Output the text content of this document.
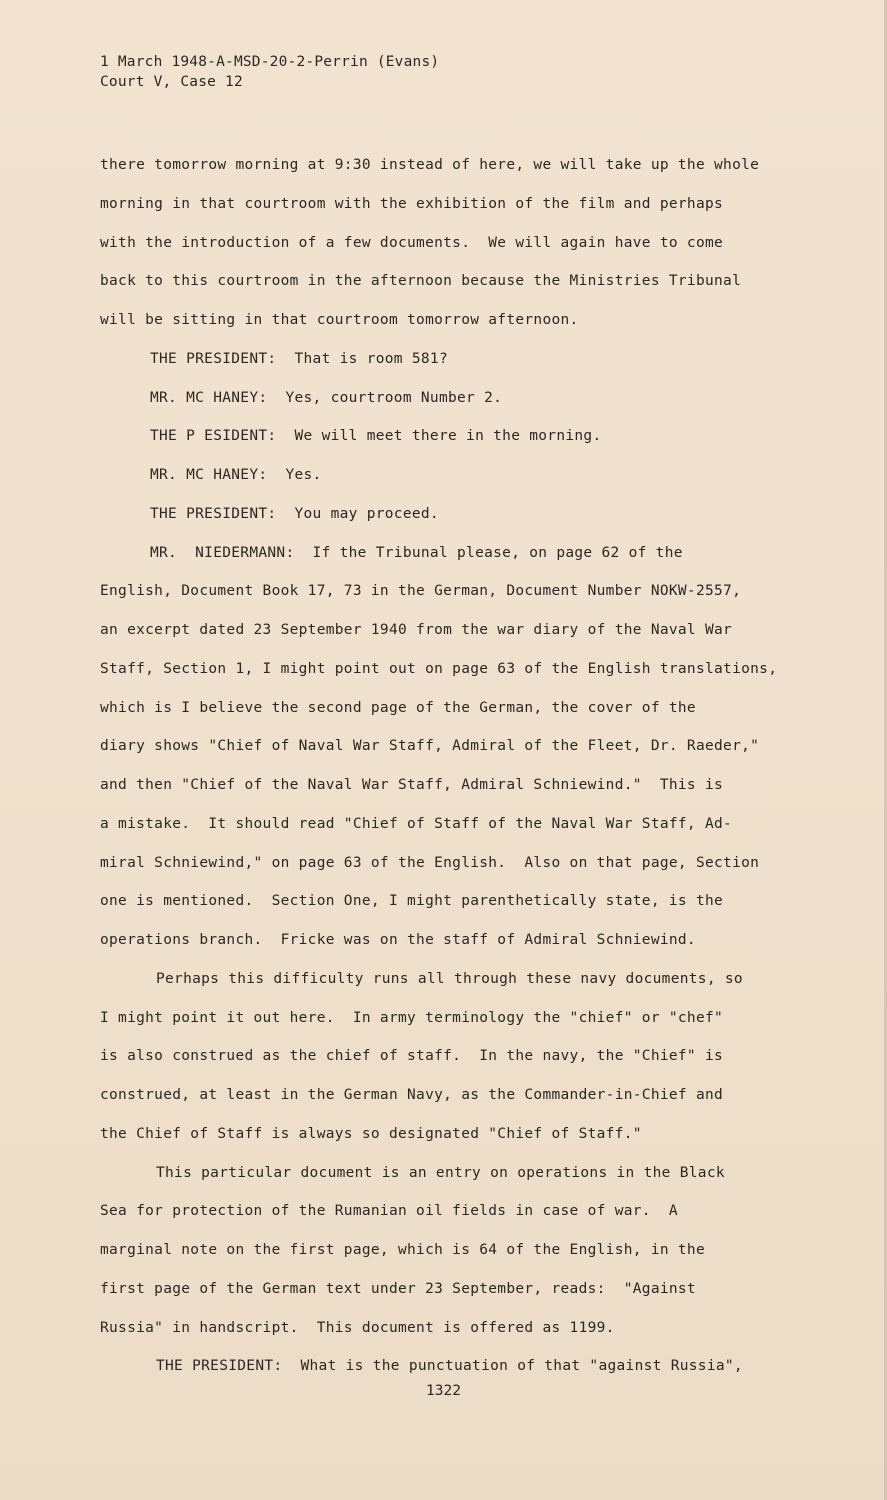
1 March 1948-A-MSD-20-2-Perrin (Evans)
Court V, Case 12
there tomorrow morning at 9:30 instead of here, we will take up the whole
morning in that courtroom with the exhibition of the film and perhaps
with the introduction of a few documents.  We will again have to come
back to this courtroom in the afternoon because the Ministries Tribunal
will be sitting in that courtroom tomorrow afternoon.
THE PRESIDENT:  That is room 581?
MR. MC HANEY:  Yes, courtroom Number 2.
THE P ESIDENT:  We will meet there in the morning.
MR. MC HANEY:  Yes.
THE PRESIDENT:  You may proceed.
MR.  NIEDERMANN:  If the Tribunal please, on page 62 of the
English, Document Book 17, 73 in the German, Document Number NOKW-2557,
an excerpt dated 23 September 1940 from the war diary of the Naval War
Staff, Section 1, I might point out on page 63 of the English translations,
which is I believe the second page of the German, the cover of the
diary shows "Chief of Naval War Staff, Admiral of the Fleet, Dr. Raeder,"
and then "Chief of the Naval War Staff, Admiral Schniewind."  This is
a mistake.  It should read "Chief of Staff of the Naval War Staff, Ad-
miral Schniewind," on page 63 of the English.  Also on that page, Section
one is mentioned.  Section One, I might parenthetically state, is the
operations branch.  Fricke was on the staff of Admiral Schniewind.
Perhaps this difficulty runs all through these navy documents, so
I might point it out here.  In army terminology the "chief" or "chef"
is also construed as the chief of staff.  In the navy, the "Chief" is
construed, at least in the German Navy, as the Commander-in-Chief and
the Chief of Staff is always so designated "Chief of Staff."
This particular document is an entry on operations in the Black
Sea for protection of the Rumanian oil fields in case of war.  A
marginal note on the first page, which is 64 of the English, in the
first page of the German text under 23 September, reads:  "Against
Russia" in handscript.  This document is offered as 1199.
THE PRESIDENT:  What is the punctuation of that "against Russia",
1322
